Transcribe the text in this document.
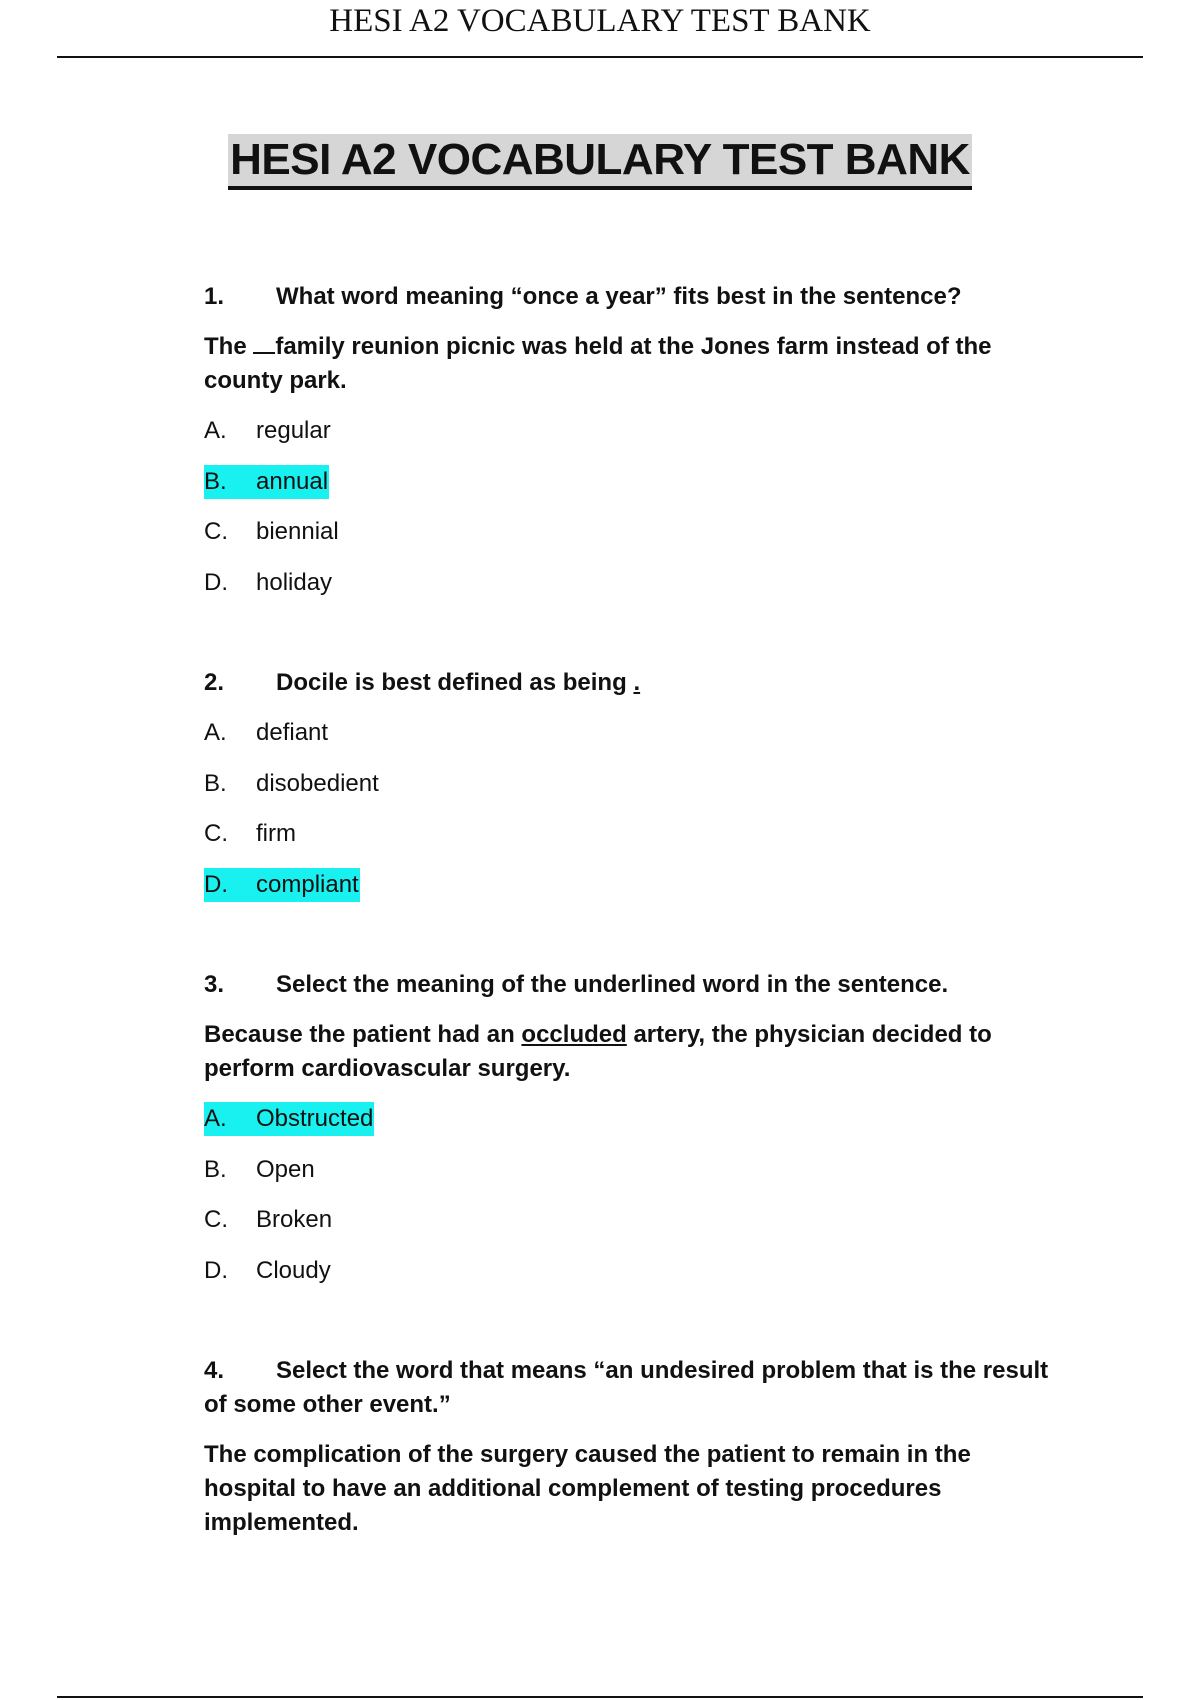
HESI A2 VOCABULARY TEST BANK
HESI A2 VOCABULARY TEST BANK
1. What word meaning “once a year” fits best in the sentence?
The family reunion picnic was held at the Jones farm instead of the county park.
A. regular
B. annual
C. biennial
D. holiday
2. Docile is best defined as being .
A. defiant
B. disobedient
C. firm
D. compliant
3. Select the meaning of the underlined word in the sentence.
Because the patient had an occluded artery, the physician decided to perform cardiovascular surgery.
A. Obstructed
B. Open
C. Broken
D. Cloudy
4. Select the word that means “an undesired problem that is the result of some other event.”
The complication of the surgery caused the patient to remain in the hospital to have an additional complement of testing procedures implemented.
